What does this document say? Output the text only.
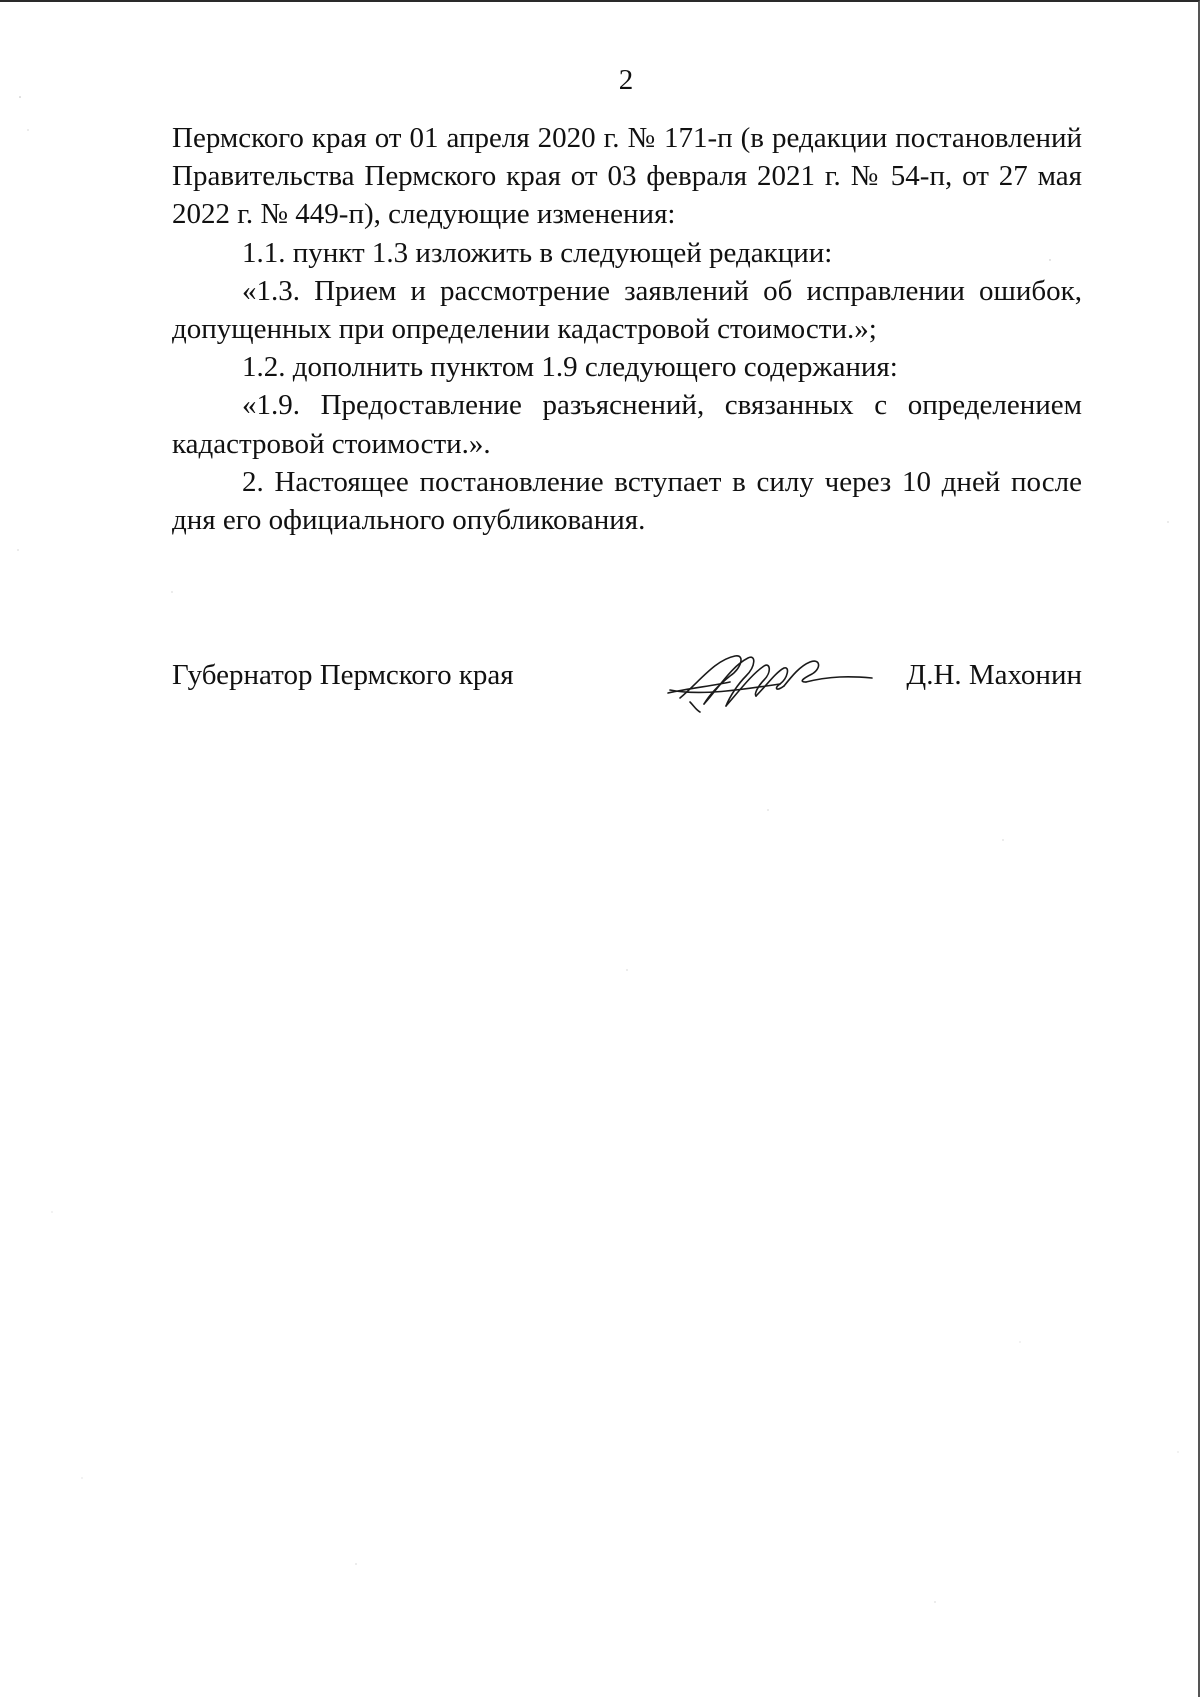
2

Пермского края от 01 апреля 2020 г. № 171-п (в редакции постановлений Правительства Пермского края от 03 февраля 2021 г. № 54-п, от 27 мая 2022 г. № 449-п), следующие изменения:

1.1. пункт 1.3 изложить в следующей редакции:

«1.3. Прием и рассмотрение заявлений об исправлении ошибок, допущенных при определении кадастровой стоимости.»;

1.2. дополнить пунктом 1.9 следующего содержания:

«1.9. Предоставление разъяснений, связанных с определением кадастровой стоимости.».

2. Настоящее постановление вступает в силу через 10 дней после дня его официального опубликования.

Губернатор Пермского края	Д.Н. Махонин
